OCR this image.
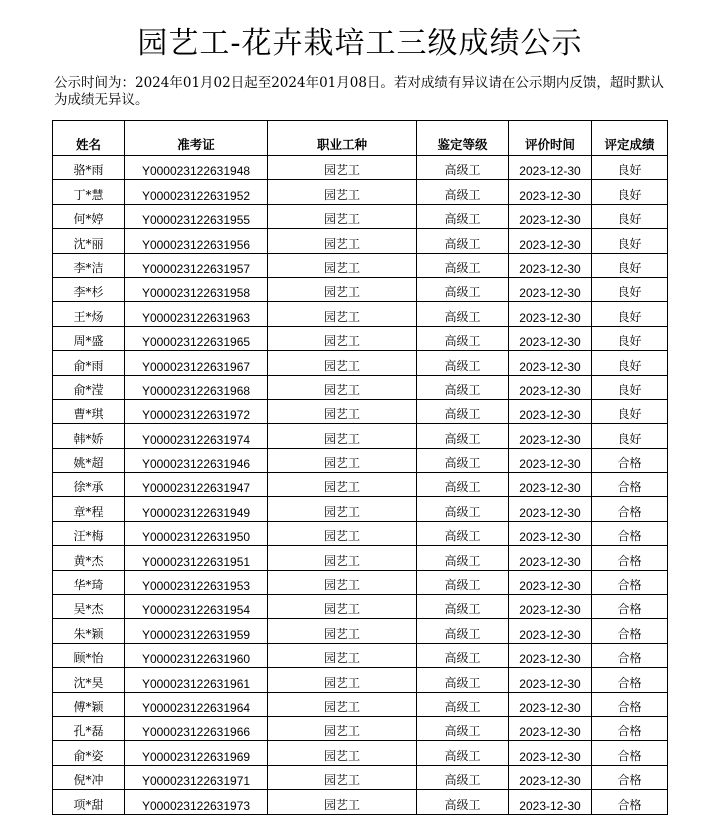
园艺工-花卉栽培工三级成绩公示
公示时间为：2024年01月02日起至2024年01月08日。若对成绩有异议请在公示期内反馈，超时默认为成绩无异议。
姓名	准考证	职业工种	鉴定等级	评价时间	评定成绩
骆*雨	Y000023122631948	园艺工	高级工	2023-12-30	良好
丁*慧	Y000023122631952	园艺工	高级工	2023-12-30	良好
何*婷	Y000023122631955	园艺工	高级工	2023-12-30	良好
沈*丽	Y000023122631956	园艺工	高级工	2023-12-30	良好
李*洁	Y000023122631957	园艺工	高级工	2023-12-30	良好
李*杉	Y000023122631958	园艺工	高级工	2023-12-30	良好
王*炀	Y000023122631963	园艺工	高级工	2023-12-30	良好
周*盛	Y000023122631965	园艺工	高级工	2023-12-30	良好
俞*雨	Y000023122631967	园艺工	高级工	2023-12-30	良好
俞*滢	Y000023122631968	园艺工	高级工	2023-12-30	良好
曹*琪	Y000023122631972	园艺工	高级工	2023-12-30	良好
韩*娇	Y000023122631974	园艺工	高级工	2023-12-30	良好
姚*超	Y000023122631946	园艺工	高级工	2023-12-30	合格
徐*承	Y000023122631947	园艺工	高级工	2023-12-30	合格
章*程	Y000023122631949	园艺工	高级工	2023-12-30	合格
汪*梅	Y000023122631950	园艺工	高级工	2023-12-30	合格
黄*杰	Y000023122631951	园艺工	高级工	2023-12-30	合格
华*琦	Y000023122631953	园艺工	高级工	2023-12-30	合格
吴*杰	Y000023122631954	园艺工	高级工	2023-12-30	合格
朱*颖	Y000023122631959	园艺工	高级工	2023-12-30	合格
顾*怡	Y000023122631960	园艺工	高级工	2023-12-30	合格
沈*昊	Y000023122631961	园艺工	高级工	2023-12-30	合格
傅*颖	Y000023122631964	园艺工	高级工	2023-12-30	合格
孔*磊	Y000023122631966	园艺工	高级工	2023-12-30	合格
俞*姿	Y000023122631969	园艺工	高级工	2023-12-30	合格
倪*冲	Y000023122631971	园艺工	高级工	2023-12-30	合格
项*甜	Y000023122631973	园艺工	高级工	2023-12-30	合格
